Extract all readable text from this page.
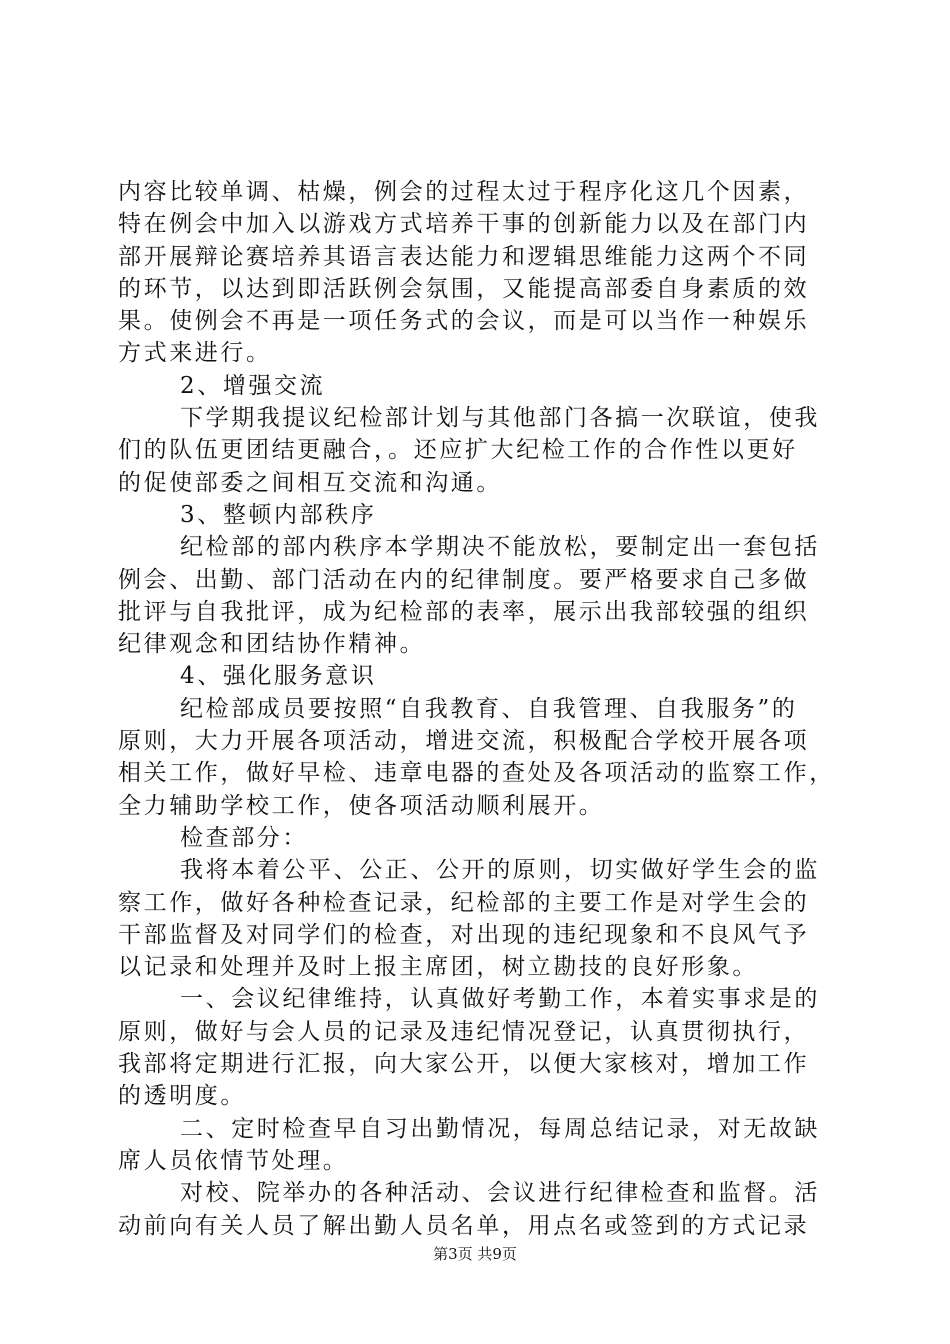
内容比较单调、枯燥，例会的过程太过于程序化这几个因素，
特在例会中加入以游戏方式培养干事的创新能力以及在部门内
部开展辩论赛培养其语言表达能力和逻辑思维能力这两个不同
的环节，以达到即活跃例会氛围，又能提高部委自身素质的效
果。使例会不再是一项任务式的会议，而是可以当作一种娱乐
方式来进行。
2、增强交流
下学期我提议纪检部计划与其他部门各搞一次联谊，使我
们的队伍更团结更融合，。还应扩大纪检工作的合作性以更好
的促使部委之间相互交流和沟通。
3、整顿内部秩序
纪检部的部内秩序本学期决不能放松，要制定出一套包括
例会、出勤、部门活动在内的纪律制度。要严格要求自己多做
批评与自我批评，成为纪检部的表率，展示出我部较强的组织
纪律观念和团结协作精神。
4、强化服务意识
纪检部成员要按照“自我教育、自我管理、自我服务”的
原则，大力开展各项活动，增进交流，积极配合学校开展各项
相关工作，做好早检、违章电器的查处及各项活动的监察工作，
全力辅助学校工作，使各项活动顺利展开。
检查部分：
我将本着公平、公正、公开的原则，切实做好学生会的监
察工作，做好各种检查记录，纪检部的主要工作是对学生会的
干部监督及对同学们的检查，对出现的违纪现象和不良风气予
以记录和处理并及时上报主席团，树立勘技的良好形象。
一、会议纪律维持，认真做好考勤工作，本着实事求是的
原则，做好与会人员的记录及违纪情况登记，认真贯彻执行，
我部将定期进行汇报，向大家公开，以便大家核对，增加工作
的透明度。
二、定时检查早自习出勤情况，每周总结记录，对无故缺
席人员依情节处理。
对校、院举办的各种活动、会议进行纪律检查和监督。活
动前向有关人员了解出勤人员名单，用点名或签到的方式记录
第3页 共9页
